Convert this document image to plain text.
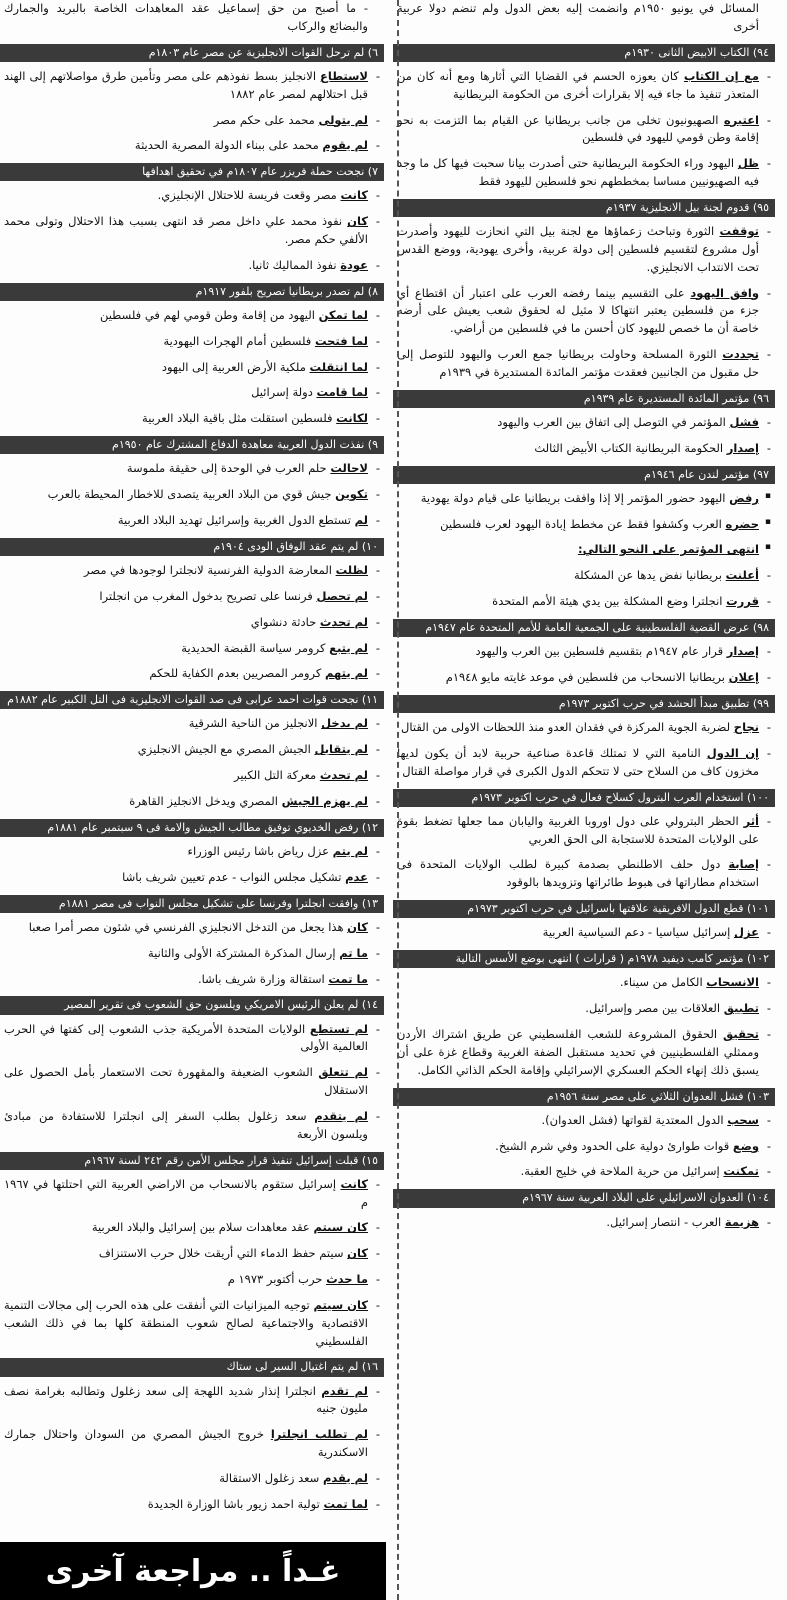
المسائل في يونيو ١٩٥٠م وانضمت إليه بعض الدول ولم تنضم دولا عربية أخرى
٩٤) الكتاب الابيض الثانى ١٩٣٠م
- مع إن الكتاب كان يعوزه الحسم في القضايا التي أثارها ومع أنه كان من المتعذر تنفيذ ما جاء فيه إلا بقرارات أخرى من الحكومة البريطانية
- اعتبره الصهيونيون تخلى من جانب بريطانيا عن القيام بما التزمت به نحو إقامة وطن قومي لليهود في فلسطين
- ظل اليهود وراء الحكومة البريطانية حتى أصدرت بيانا سحبت فيها كل ما وجد فيه الصهيونيين مساسا بمخططهم نحو فلسطين لليهود فقط
٩٥) قدوم لجنة بيل الانجليزية ١٩٣٧م
- توقفت الثورة وتباحث زعماؤها مع لجنة بيل التي انحازت لليهود وأصدرت أول مشروع لتقسيم فلسطين إلى دولة عربية، وأخرى يهودية، ووضع القدس تحت الانتداب الانجليزي.
- وافق اليهود على التقسيم بينما رفضه العرب على اعتبار أن اقتطاع أي جزء من فلسطين يعتبر انتهاكا لا مثيل له لحقوق شعب يعيش على أرضه خاصة أن ما خصص لليهود كان أحسن ما في فلسطين من أراضي.
- تجددت الثورة المسلحة وحاولت بريطانيا جمع العرب واليهود للتوصل إلى حل مقبول من الجانبين فعقدت مؤتمر المائدة المستديرة في ١٩٣٩م
٩٦) مؤتمر المائدة المستديرة عام ١٩٣٩م
- فشل المؤتمر في التوصل إلى اتفاق بين العرب واليهود
- إصدار الحكومة البريطانية الكتاب الأبيض الثالث
٩٧) مؤتمر لندن عام ١٩٤٦م
▪ رفض اليهود حضور المؤتمر إلا إذا وافقت بريطانيا على قيام دولة يهودية
▪ حضره العرب وكشفوا فقط عن مخطط إبادة اليهود لعرب فلسطين
▪ انتهى المؤتمر على النحو التالي:
- أعلنت بريطانيا نفض يدها عن المشكلة
- قررت انجلترا وضع المشكلة بين يدي هيئة الأمم المتحدة
٩٨) عرض القضية الفلسطينية على الجمعية العامة للأمم المتحدة عام ١٩٤٧م
- إصدار قرار عام ١٩٤٧م بتقسيم فلسطين بين العرب واليهود
- إعلان بريطانيا الانسحاب من فلسطين في موعد غايته مايو ١٩٤٨م
٩٩) تطبيق مبدأ الحشد في حرب اكتوبر ١٩٧٣م
- نجاح لضربة الجوية المركزة في فقدان العدو منذ اللحظات الاولى من القتال
- إن الدول النامية التي لا تمتلك قاعدة صناعية حربية لابد أن يكون لديها مخزون كاف من السلاح حتى لا تتحكم الدول الكبرى في قرار مواصلة القتال
١٠٠) استخدام العرب البترول كسلاح فعال في حرب اكتوبر ١٩٧٣م
- أثر الحظر البترولي على دول اوروبا الغربية واليابان مما جعلها تضغط بقوة على الولايات المتحدة للاستجابة الى الحق العربي
- إصابة دول حلف الاطلنطي بصدمة كبيرة لطلب الولايات المتحدة فى استخدام مطاراتها فى هبوط طائراتها وتزويدها بالوقود
١٠١) قطع الدول الافريقية علاقتها باسرائيل في حرب اكتوبر ١٩٧٣م
- عزل إسرائيل سياسيا - دعم السياسية العربية
١٠٢) مؤتمر كامب ديفيد ١٩٧٨م ( قرارات ) انتهى بوضع الأسس التالية
- الانسحاب الكامل من سيناء.
- تطبيق العلاقات بين مصر وإسرائيل.
- تحقيق الحقوق المشروعة للشعب الفلسطيني عن طريق اشتراك الأردن وممثلي الفلسطينيين في تحديد مستقبل الضفة الغربية وقطاع غزة على أن يسبق ذلك إنهاء الحكم العسكري الإسرائيلي وإقامة الحكم الذاتي الكامل.
١٠٣) فشل العدوان الثلاثي على مصر سنة ١٩٥٦م
- سحب الدول المعتدية لقواتها (فشل العدوان).
- وضع قوات طوارئ دولية على الحدود وفي شرم الشيخ.
- تمكنت إسرائيل من حرية الملاحة في خليج العقبة.
١٠٤) العدوان الاسرائيلي على البلاد العربية سنة ١٩٦٧م
- هزيمة العرب - انتصار إسرائيل.
- ما أصبح من حق إسماعيل عقد المعاهدات الخاصة بالبريد والجمارك والبضائع والركاب
٦) لم ترحل القوات الانجليزية عن مصر عام ١٨٠٣م
- لاستطاع الانجليز بسط نفوذهم على مصر وتأمين طرق مواصلاتهم إلى الهند قبل احتلالهم لمصر عام ١٨٨٢
- لم يتولى محمد على حكم مصر
- لم يقوم محمد على ببناء الدولة المصرية الحديثة
٧) نجحت حملة فريزر عام ١٨٠٧م في تحقيق اهدافها
- كانت مصر وقعت فريسة للاحتلال الإنجليزي.
- كان نفوذ محمد علي داخل مصر قد انتهى بسبب هذا الاحتلال وتولى محمد الألفي حكم مصر.
- عودة نفوذ المماليك ثانيا.
٨) لم تصدر بريطانيا تصريح بلفور ١٩١٧م
- لما تمكن اليهود من إقامة وطن قومي لهم في فلسطين
- لما فتحت فلسطين أمام الهجرات اليهودية
- لما انتقلت ملكية الأرض العربية إلى اليهود
- لما قامت دولة إسرائيل
- لكانت فلسطين استقلت مثل باقية البلاد العربية
٩) نفذت الدول العربية معاهدة الدفاع المشترك عام ١٩٥٠م
- لاحالت حلم العرب في الوحدة إلى حقيقة ملموسة
- تكوين جيش قوي من البلاد العربية يتصدى للاخطار المحيطة بالعرب
- لم تستطع الدول الغربية وإسرائيل تهديد البلاد العربية
١٠) لم يتم عقد الوفاق الودى ١٩٠٤م
- لظلت المعارضة الدولية الفرنسية لانجلترا لوجودها في مصر
- لم تحصل فرنسا على تصريح بدخول المغرب من انجلترا
- لم تحدث حادثة دنشواي
- لم يتبع كرومر سياسة القبضة الحديدية
- لم يتهم كرومر المصريين بعدم الكفاية للحكم
١١) نجحت قوات احمد عرابى فى صد القوات الانجليزية فى التل الكبير عام ١٨٨٢م
- لم يدخل الانجليز من الناحية الشرقية
- لم يتقابل الجيش المصري مع الجيش الانجليزي
- لم تحدث معركة التل الكبير
- لم يهزم الجيش المصري ويدخل الانجليز القاهرة
١٢) رفض الخديوي توفيق مطالب الجيش والامة فى ٩ سبتمبر عام ١٨٨١م
- لم يتم عزل رياض باشا رئيس الوزراء
- عدم تشكيل مجلس النواب - عدم تعيين شريف باشا
١٣) وافقت انجلترا وفرنسا على تشكيل مجلس النواب فى مصر ١٨٨١م
- كان هذا يجعل من التدخل الانجليزي الفرنسي في شئون مصر أمرا صعبا
- ما تم إرسال المذكرة المشتركة الأولى والثانية
- ما تمت استقالة وزارة شريف باشا.
١٤) لم يعلن الرئيس الامريكي ويلسون حق الشعوب فى تقرير المصير
- لم تستطع الولايات المتحدة الأمريكية جذب الشعوب إلى كفتها في الحرب العالمية الأولى
- لم تتعلق الشعوب الضعيفة والمقهورة تحت الاستعمار بأمل الحصول على الاستقلال
- لم يتقدم سعد زغلول بطلب السفر إلى انجلترا للاستفادة من مبادئ ويلسون الأربعة
١٥) قبلت إسرائيل تنفيذ قرار مجلس الأمن رقم ٢٤٢ لسنة ١٩٦٧م
- كانت إسرائيل ستقوم بالانسحاب من الاراضي العربية التي احتلتها في ١٩٦٧ م
- كان سيتم عقد معاهدات سلام بين إسرائيل والبلاد العربية
- كان سيتم حفظ الدماء التي أريقت خلال حرب الاستنزاف
- ما حدث حرب أكتوبر ١٩٧٣ م
- كان سيتم توجيه الميزانيات التي أنفقت على هذه الحرب إلى مجالات التنمية الاقتصادية والاجتماعية لصالح شعوب المنطقة كلها بما في ذلك الشعب الفلسطيني
١٦) لم يتم اغتيال السير لى ستاك
- لم تقدم انجلترا إنذار شديد اللهجة إلى سعد زغلول وتطالبه بغرامة نصف مليون جنيه
- لم تطلب انجلترا خروج الجيش المصري من السودان واحتلال جمارك الاسكندرية
- لم يقدم سعد زغلول الاستقالة
- لما تمت تولية احمد زيور باشا الوزارة الجديدة
غـداً .. مراجعة آخرى
